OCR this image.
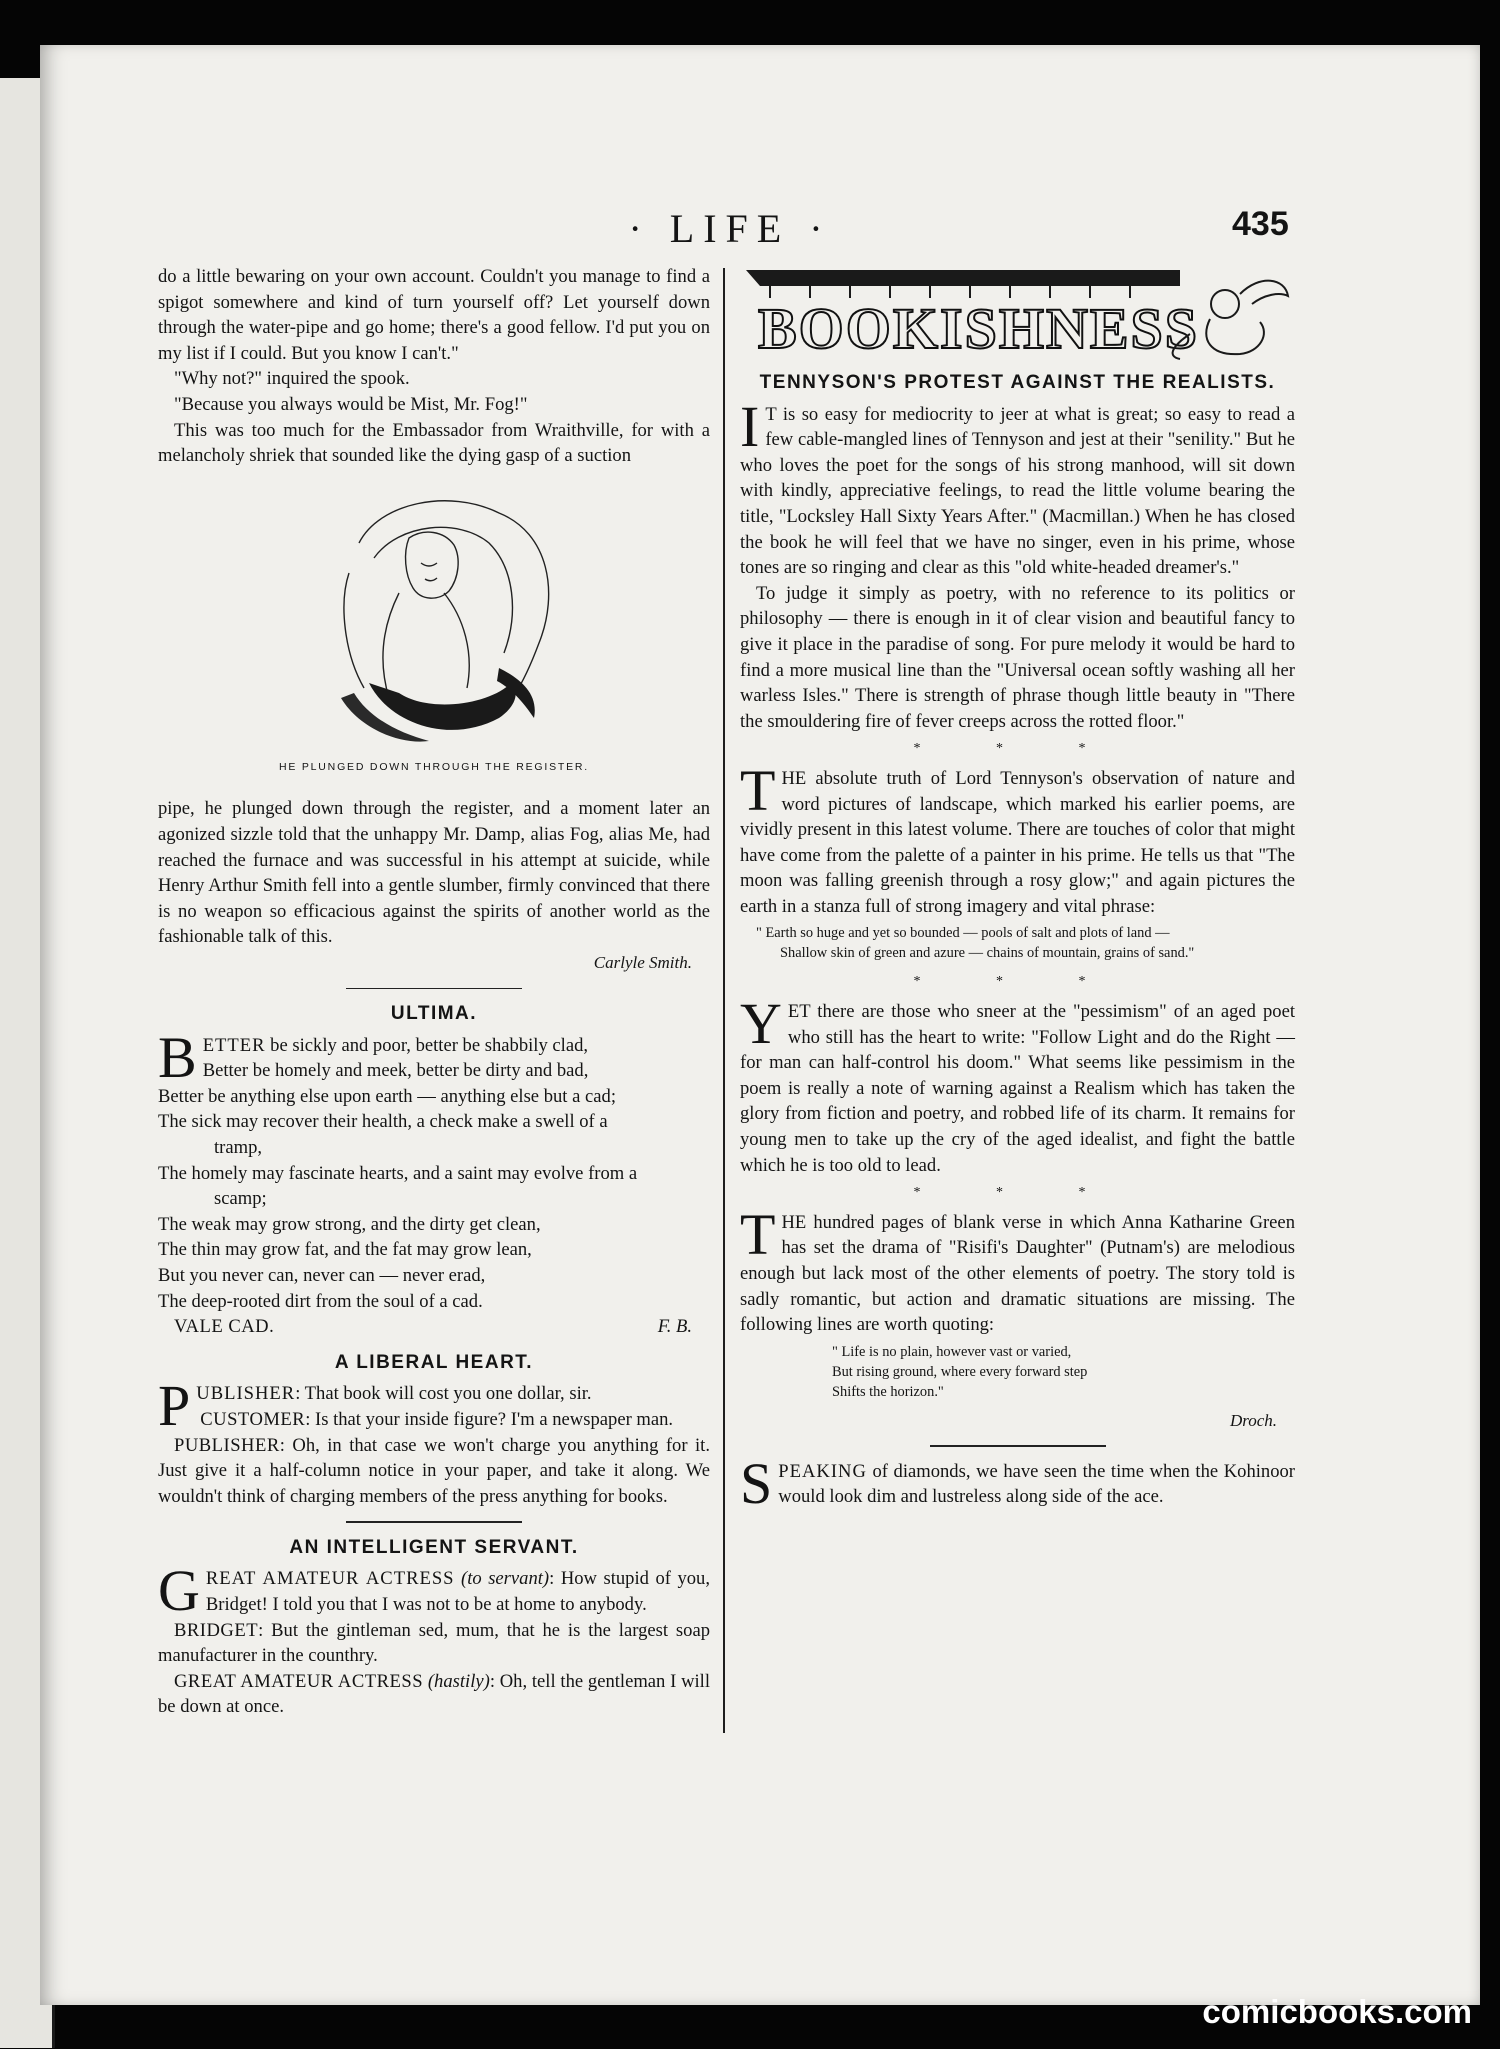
· LIFE ·	435

do a little bewaring on your own account. Couldn't you manage to find a spigot somewhere and kind of turn yourself off? Let yourself down through the water-pipe and go home; there's a good fellow. I'd put you on my list if I could. But you know I can't."

"Why not?" inquired the spook.

"Because you always would be Mist, Mr. Fog!"

This was too much for the Embassador from Wraithville, for with a melancholy shriek that sounded like the dying gasp of a suction

HE PLUNGED DOWN THROUGH THE REGISTER.

pipe, he plunged down through the register, and a moment later an agonized sizzle told that the unhappy Mr. Damp, alias Fog, alias Me, had reached the furnace and was successful in his attempt at suicide, while Henry Arthur Smith fell into a gentle slumber, firmly convinced that there is no weapon so efficacious against the spirits of another world as the fashionable talk of this.

Carlyle Smith.
ULTIMA.
BETTER be sickly and poor, better be shabbily clad,
Better be homely and meek, better be dirty and bad,
Better be anything else upon earth — anything else but a cad;
The sick may recover their health, a check make a swell of a
tramp,
The homely may fascinate hearts, and a saint may evolve from a
scamp;
The weak may grow strong, and the dirty get clean,
The thin may grow fat, and the fat may grow lean,
But you never can, never can — never erad,
The deep-rooted dirt from the soul of a cad.
VALE CAD.	F. B.
A LIBERAL HEART.

PUBLISHER: That book will cost you one dollar, sir.
CUSTOMER: Is that your inside figure? I'm a newspaper man.

PUBLISHER: Oh, in that case we won't charge you anything for it. Just give it a half-column notice in your paper, and take it along. We wouldn't think of charging members of the press anything for books.

AN INTELLIGENT SERVANT.

GREAT AMATEUR ACTRESS (to servant): How stupid of you, Bridget! I told you that I was not to be at home to anybody.

BRIDGET: But the gintleman sed, mum, that he is the largest soap manufacturer in the counthry.

GREAT AMATEUR ACTRESS (hastily): Oh, tell the gentleman I will be down at once.

BOOKISHNESS
TENNYSON'S PROTEST AGAINST THE REALISTS.

I T is so easy for mediocrity to jeer at what is great; so easy to read a few cable-mangled lines of Tennyson and jest at their "senility." But he who loves the poet for the songs of his strong manhood, will sit down with kindly, appreciative feelings, to read the little volume bearing the title, "Locksley Hall Sixty Years After." (Macmillan.) When he has closed the book he will feel that we have no singer, even in his prime, whose tones are so ringing and clear as this "old white-headed dreamer's."

To judge it simply as poetry, with no reference to its politics or philosophy — there is enough in it of clear vision and beautiful fancy to give it place in the paradise of song. For pure melody it would be hard to find a more musical line than the "Universal ocean softly washing all her warless Isles." There is strength of phrase though little beauty in "There the smouldering fire of fever creeps across the rotted floor."

* * *

THE absolute truth of Lord Tennyson's observation of nature and word pictures of landscape, which marked his earlier poems, are vividly present in this latest volume. There are touches of color that might have come from the palette of a painter in his prime. He tells us that "The moon was falling greenish through a rosy glow;" and again pictures the earth in a stanza full of strong imagery and vital phrase:

" Earth so huge and yet so bounded — pools of salt and plots of land —
Shallow skin of green and azure — chains of mountain, grains of sand."
* * *

YET there are those who sneer at the "pessimism" of an aged poet who still has the heart to write: "Follow Light and do the Right — for man can half-control his doom." What seems like pessimism in the poem is really a note of warning against a Realism which has taken the glory from fiction and poetry, and robbed life of its charm. It remains for young men to take up the cry of the aged idealist, and fight the battle which he is too old to lead.

* * *

THE hundred pages of blank verse in which Anna Katharine Green has set the drama of "Risifi's Daughter" (Putnam's) are melodious enough but lack most of the other elements of poetry. The story told is sadly romantic, but action and dramatic situations are missing. The following lines are worth quoting:

" Life is no plain, however vast or varied,
But rising ground, where every forward step
Shifts the horizon."
Droch.

SPEAKING of diamonds, we have seen the time when the Kohinoor would look dim and lustreless along side of the ace.

comicbooks.com
